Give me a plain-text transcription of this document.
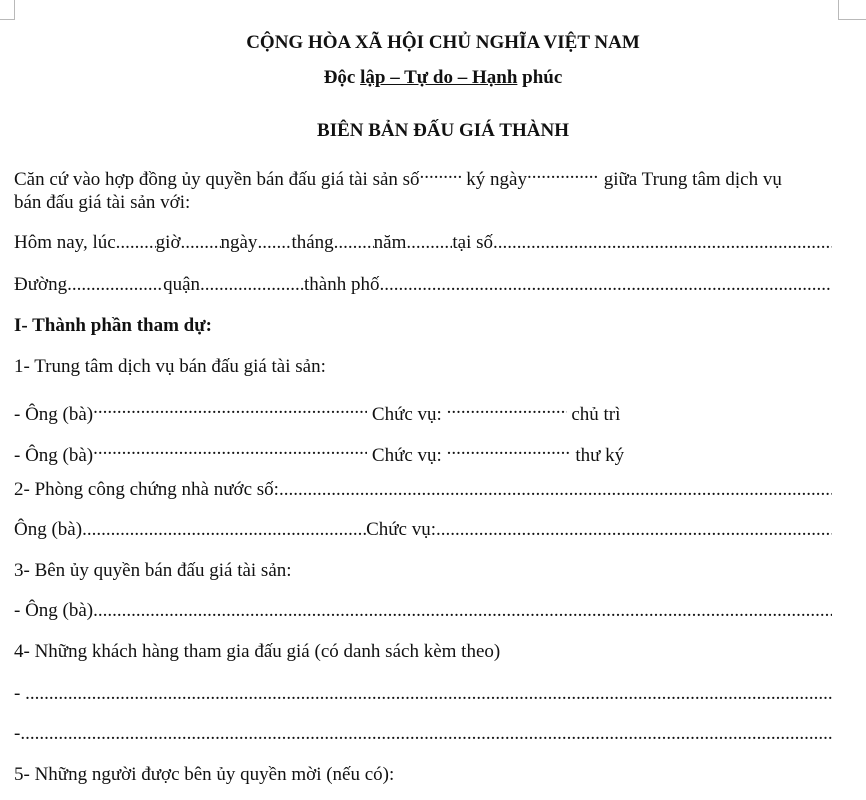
CỘNG HÒA XÃ HỘI CHỦ NGHĨA VIỆT NAM
Độc lập – Tự do – Hạnh phúc
BIÊN BẢN ĐẤU GIÁ THÀNH
Căn cứ vào hợp đồng ủy quyền bán đấu giá tài sản số..... ký ngày .....	giữa Trung tâm dịch vụ
bán đấu giá tài sản với:
Hôm nay, lúc ..... giờ ..... ngày ..... tháng ..... năm ..... tại số
.....
Đường .....	quận .....	thành phố
.....
I- Thành phần tham dự:
1- Trung tâm dịch vụ bán đấu giá tài sản:
- Ông (bà) .....	Chức vụ: .....	chủ trì
- Ông (bà) .....	Chức vụ: .....	thư ký
2- Phòng công chứng nhà nước số:
.....
Ông (bà) .....	Chức vụ:
.....
3- Bên ủy quyền bán đấu giá tài sản:
- Ông (bà)
.....
4- Những khách hàng tham gia đấu giá (có danh sách kèm theo)
-
.....
-
.....
5- Những người được bên ủy quyền mời (nếu có):
